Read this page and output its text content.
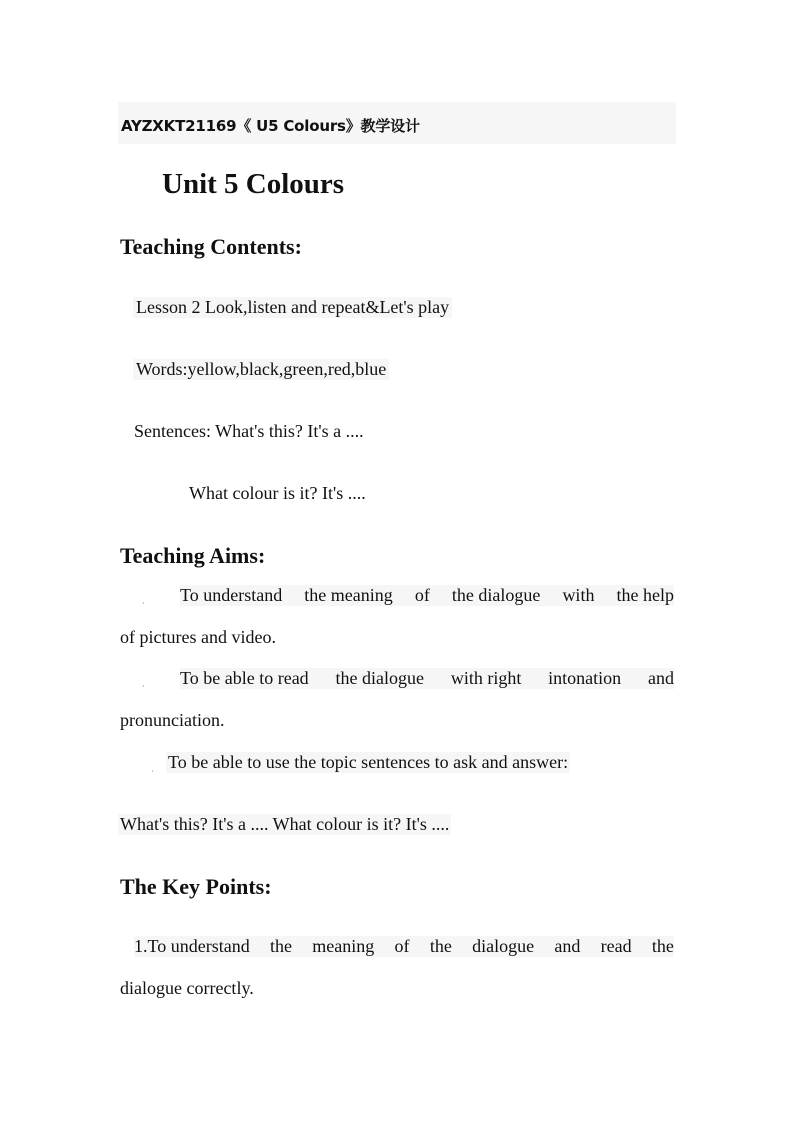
AYZXKT21169《 U5 Colours》教学设计
Unit 5 Colours
Teaching Contents:
Lesson 2 Look,listen and repeat&Let's play
Words:yellow,black,green,red,blue
Sentences: What's this? It's a ....
What colour is it? It's ....
Teaching Aims:
· To understand the meaning of the dialogue with the help
of pictures and video.
· To be able to read the dialogue with right intonation and
pronunciation.
· To be able to use the topic sentences to ask and answer:
What's this? It's a .... What colour is it? It's ....
The Key Points:
1.To understand the meaning of the dialogue and read the
dialogue correctly.
